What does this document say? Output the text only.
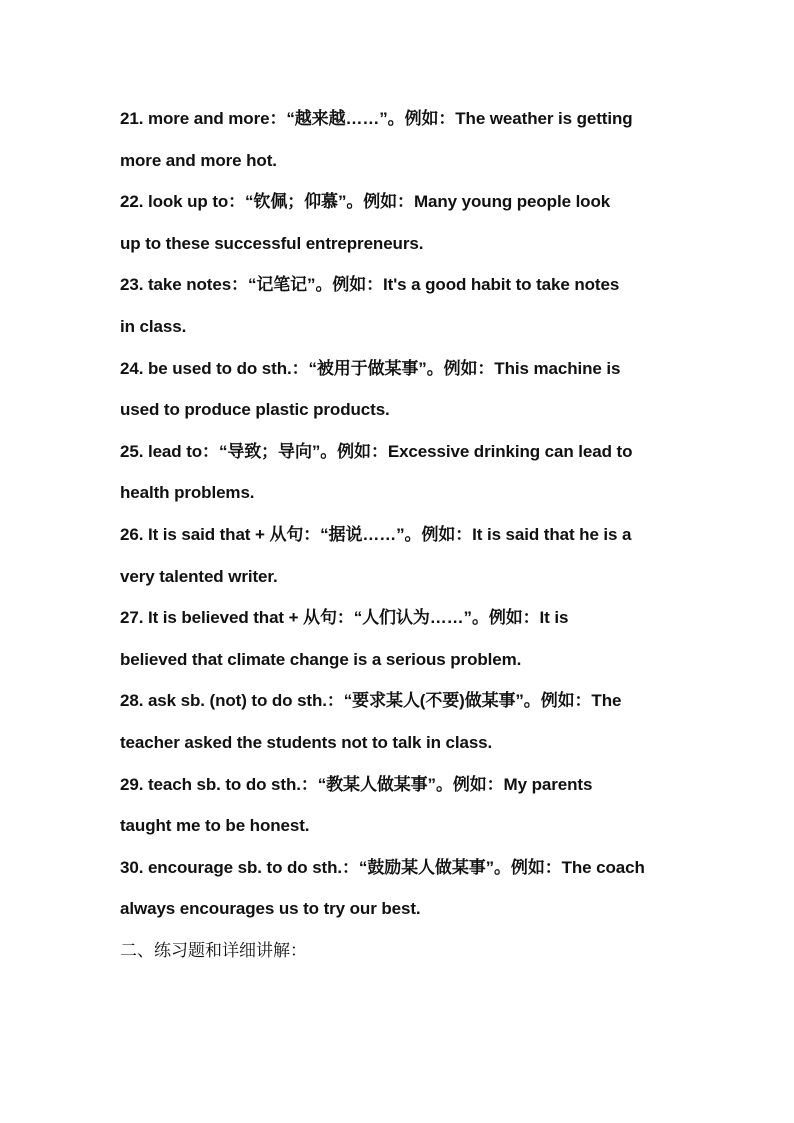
21. more and more：“越来越……”。例如：The weather is getting
more and more hot.
22. look up to：“钦佩；仰慕”。例如：Many young people look
up to these successful entrepreneurs.
23. take notes：“记笔记”。例如：It's a good habit to take notes
in class.
24. be used to do sth.：“被用于做某事”。例如：This machine is
used to produce plastic products.
25. lead to：“导致；导向”。例如：Excessive drinking can lead to
health problems.
26. It is said that + 从句：“据说……”。例如：It is said that he is a
very talented writer.
27. It is believed that + 从句：“人们认为……”。例如：It is
believed that climate change is a serious problem.
28. ask sb. (not) to do sth.：“要求某人(不要)做某事”。例如：The
teacher asked the students not to talk in class.
29. teach sb. to do sth.：“教某人做某事”。例如：My parents
taught me to be honest.
30. encourage sb. to do sth.：“鼓励某人做某事”。例如：The coach
always encourages us to try our best.
二、练习题和详细讲解：
